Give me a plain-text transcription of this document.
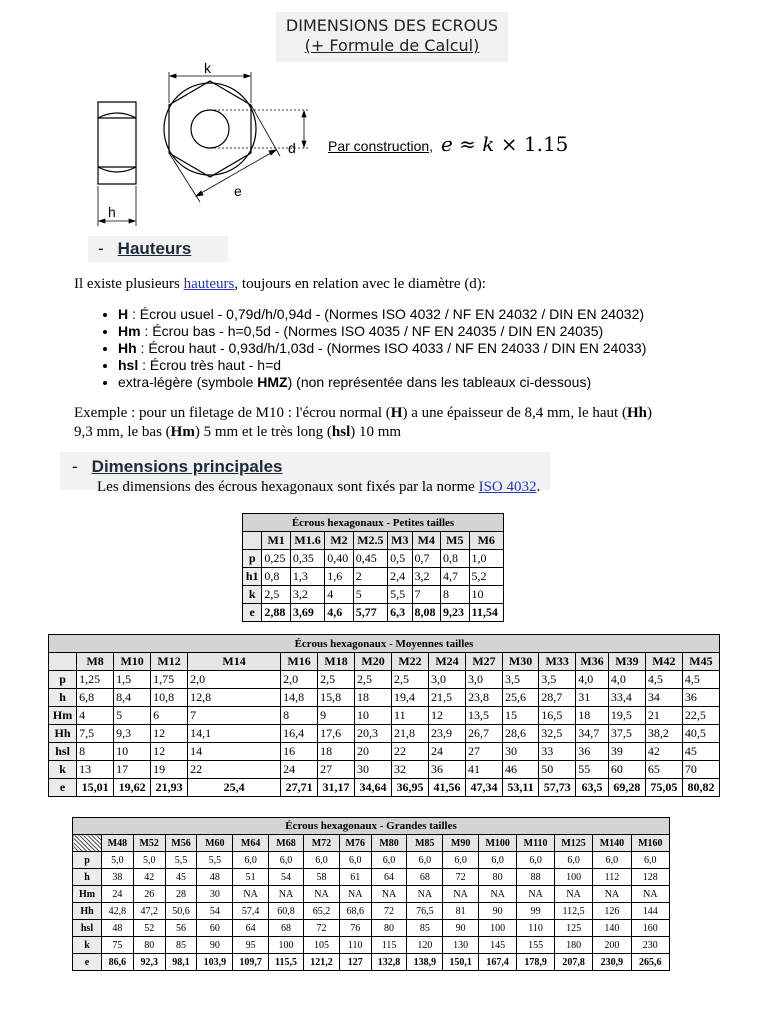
DIMENSIONS DES ECROUS
(+ Formule de Calcul)
k
d
e
h
Par construction, e ≈ k × 1.15
- Hauteurs
Il existe plusieurs hauteurs, toujours en relation avec le diamètre (d):
• H : Écrou usuel - 0,79d/h/0,94d - (Normes ISO 4032 / NF EN 24032 / DIN EN 24032)
• Hm : Écrou bas - h=0,5d - (Normes ISO 4035 / NF EN 24035 / DIN EN 24035)
• Hh : Écrou haut - 0,93d/h/1,03d - (Normes ISO 4033 / NF EN 24033 / DIN EN 24033)
• hsl : Écrou très haut - h=d
• extra-légère (symbole HMZ) (non représentée dans les tableaux ci-dessous)
Exemple : pour un filetage de M10 : l'écrou normal (H) a une épaisseur de 8,4 mm, le haut (Hh)
9,3 mm, le bas (Hm) 5 mm et le très long (hsl) 10 mm
- Dimensions principales
Les dimensions des écrous hexagonaux sont fixés par la norme ISO 4032.
Écrous hexagonaux - Petites tailles								
	M1	M1.6	M2	M2.5	M3	M4	M5	M6
p	0,25	0,35	0,40	0,45	0,5	0,7	0,8	1,0
h1	0,8	1,3	1,6	2	2,4	3,2	4,7	5,2
k	2,5	3,2	4	5	5,5	7	8	10
e	2,88	3,69	4,6	5,77	6,3	8,08	9,23	11,54
Écrous hexagonaux - Moyennes tailles																
	M8	M10	M12	M14	M16	M18	M20	M22	M24	M27	M30	M33	M36	M39	M42	M45
p	1,25	1,5	1,75	2,0	2,0	2,5	2,5	2,5	3,0	3,0	3,5	3,5	4,0	4,0	4,5	4,5
h	6,8	8,4	10,8	12,8	14,8	15,8	18	19,4	21,5	23,8	25,6	28,7	31	33,4	34	36
Hm	4	5	6	7	8	9	10	11	12	13,5	15	16,5	18	19,5	21	22,5
Hh	7,5	9,3	12	14,1	16,4	17,6	20,3	21,8	23,9	26,7	28,6	32,5	34,7	37,5	38,2	40,5
hsl	8	10	12	14	16	18	20	22	24	27	30	33	36	39	42	45
k	13	17	19	22	24	27	30	32	36	41	46	50	55	60	65	70
e	15,01	19,62	21,93	25,4	27,71	31,17	34,64	36,95	41,56	47,34	53,11	57,73	63,5	69,28	75,05	80,82
Écrous hexagonaux - Grandes tailles																
	M48	M52	M56	M60	M64	M68	M72	M76	M80	M85	M90	M100	M110	M125	M140	M160
p	5,0	5,0	5,5	5,5	6,0	6,0	6,0	6,0	6,0	6,0	6,0	6,0	6,0	6,0	6,0	6,0
h	38	42	45	48	51	54	58	61	64	68	72	80	88	100	112	128
Hm	24	26	28	30	NA	NA	NA	NA	NA	NA	NA	NA	NA	NA	NA	NA
Hh	42,8	47,2	50,6	54	57,4	60,8	65,2	68,6	72	76,5	81	90	99	112,5	126	144
hsl	48	52	56	60	64	68	72	76	80	85	90	100	110	125	140	160
k	75	80	85	90	95	100	105	110	115	120	130	145	155	180	200	230
e	86,6	92,3	98,1	103,9	109,7	115,5	121,2	127	132,8	138,9	150,1	167,4	178,9	207,8	230,9	265,6
